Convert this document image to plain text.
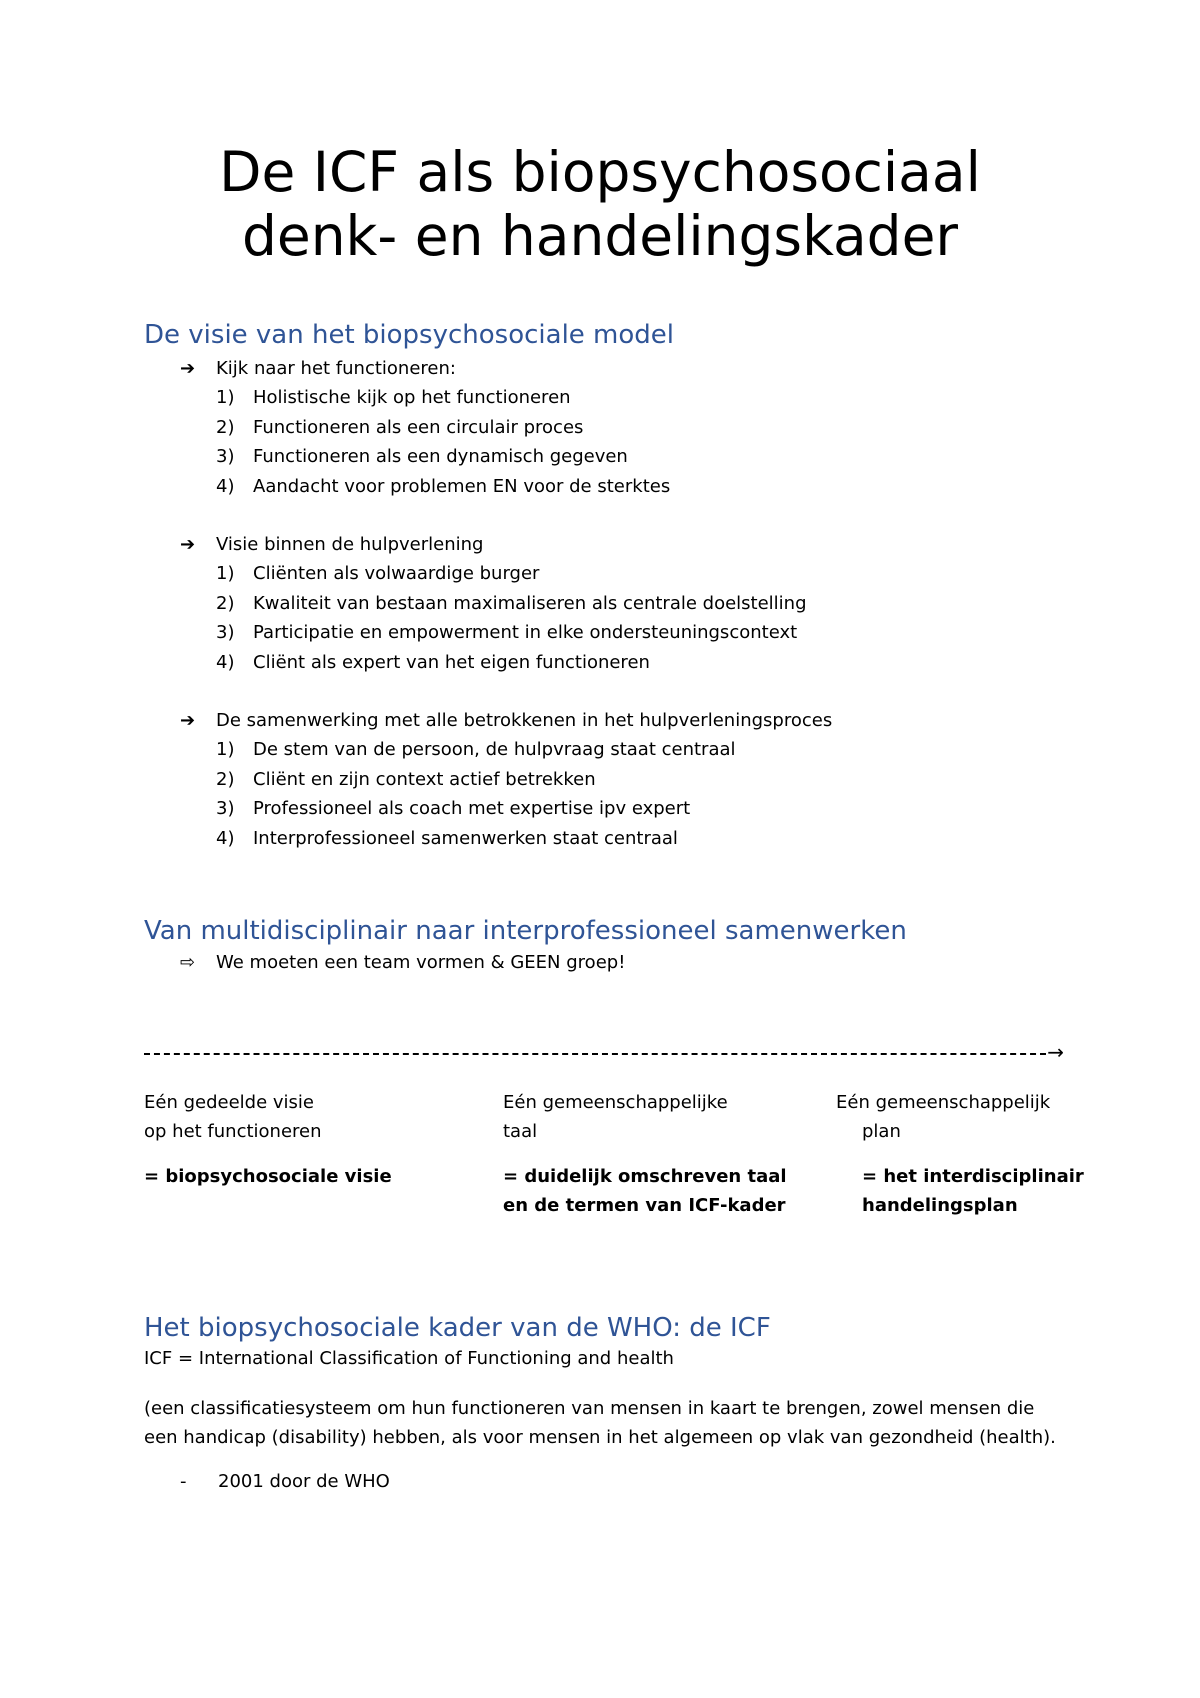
De ICF als biopsychosociaal
denk- en handelingskader
De visie van het biopsychosociale model
➔ Kijk naar het functioneren:
1) Holistische kijk op het functioneren
2) Functioneren als een circulair proces
3) Functioneren als een dynamisch gegeven
4) Aandacht voor problemen EN voor de sterktes
➔ Visie binnen de hulpverlening
1) Cliënten als volwaardige burger
2) Kwaliteit van bestaan maximaliseren als centrale doelstelling
3) Participatie en empowerment in elke ondersteuningscontext
4) Cliënt als expert van het eigen functioneren
➔ De samenwerking met alle betrokkenen in het hulpverleningsproces
1) De stem van de persoon, de hulpvraag staat centraal
2) Cliënt en zijn context actief betrekken
3) Professioneel als coach met expertise ipv expert
4) Interprofessioneel samenwerken staat centraal
Van multidisciplinair naar interprofessioneel samenwerken
⇨ We moeten een team vormen & GEEN groep!
→
Eén gedeelde visie
op het functioneren
= biopsychosociale visie
Eén gemeenschappelijke
taal
= duidelijk omschreven taal
en de termen van ICF-kader
Eén gemeenschappelijk
plan
= het interdisciplinair
handelingsplan
Het biopsychosociale kader van de WHO: de ICF
ICF = International Classification of Functioning and health
(een classificatiesysteem om hun functioneren van mensen in kaart te brengen, zowel mensen die
een handicap (disability) hebben, als voor mensen in het algemeen op vlak van gezondheid (health).
- 2001 door de WHO
